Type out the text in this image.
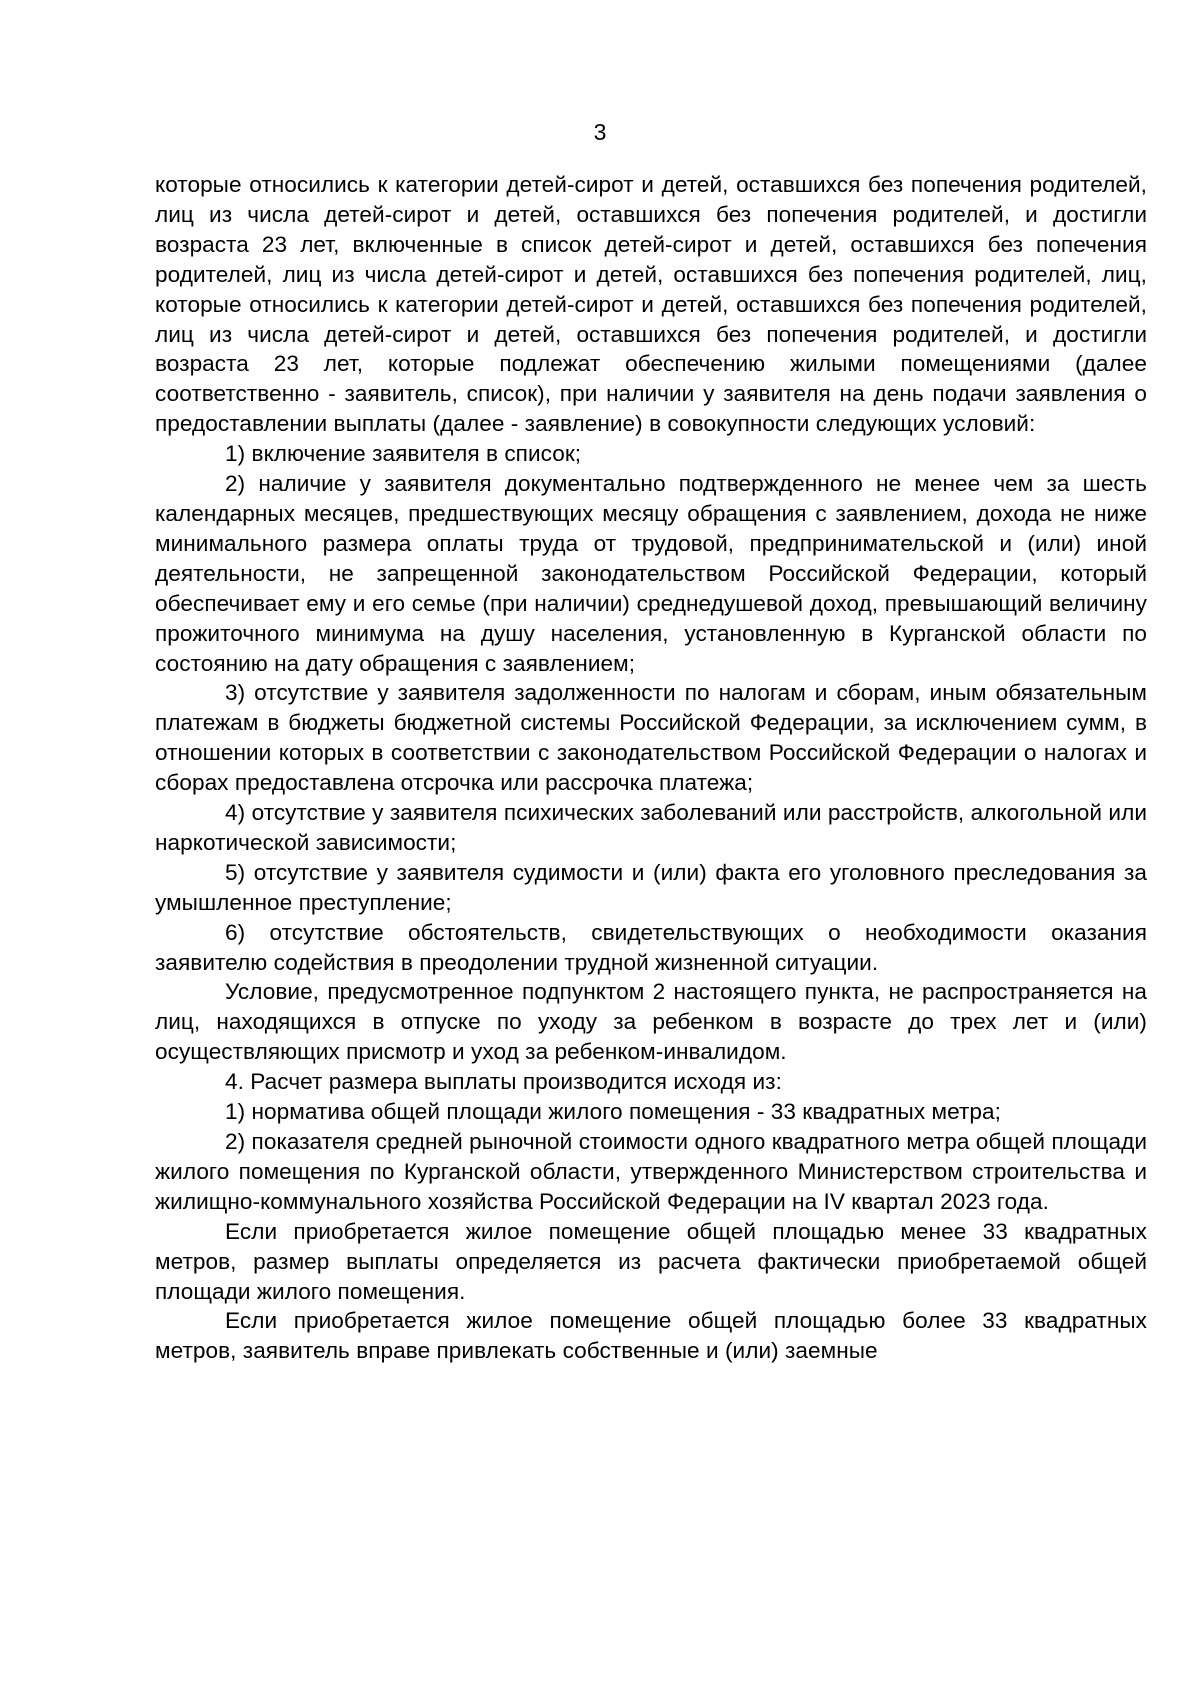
3

которые относились к категории детей-сирот и детей, оставшихся без попечения родителей, лиц из числа детей-сирот и детей, оставшихся без попечения родителей, и достигли возраста 23 лет, включенные в список детей-сирот и детей, оставшихся без попечения родителей, лиц из числа детей-сирот и детей, оставшихся без попечения родителей, лиц, которые относились к категории детей-сирот и детей, оставшихся без попечения родителей, лиц из числа детей-сирот и детей, оставшихся без попечения родителей, и достигли возраста 23 лет, которые подлежат обеспечению жилыми помещениями (далее соответственно - заявитель, список), при наличии у заявителя на день подачи заявления о предоставлении выплаты (далее - заявление) в совокупности следующих условий:

1) включение заявителя в список;

2) наличие у заявителя документально подтвержденного не менее чем за шесть календарных месяцев, предшествующих месяцу обращения с заявлением, дохода не ниже минимального размера оплаты труда от трудовой, предпринимательской и (или) иной деятельности, не запрещенной законодательством Российской Федерации, который обеспечивает ему и его семье (при наличии) среднедушевой доход, превышающий величину прожиточного минимума на душу населения, установленную в Курганской области по состоянию на дату обращения с заявлением;

3) отсутствие у заявителя задолженности по налогам и сборам, иным обязательным платежам в бюджеты бюджетной системы Российской Федерации, за исключением сумм, в отношении которых в соответствии с законодательством Российской Федерации о налогах и сборах предоставлена отсрочка или рассрочка платежа;

4) отсутствие у заявителя психических заболеваний или расстройств, алкогольной или наркотической зависимости;

5) отсутствие у заявителя судимости и (или) факта его уголовного преследования за умышленное преступление;

6) отсутствие обстоятельств, свидетельствующих о необходимости оказания заявителю содействия в преодолении трудной жизненной ситуации.

Условие, предусмотренное подпунктом 2 настоящего пункта, не распространяется на лиц, находящихся в отпуске по уходу за ребенком в возрасте до трех лет и (или) осуществляющих присмотр и уход за ребенком-инвалидом.

4. Расчет размера выплаты производится исходя из:

1) норматива общей площади жилого помещения - 33 квадратных метра;

2) показателя средней рыночной стоимости одного квадратного метра общей площади жилого помещения по Курганской области, утвержденного Министерством строительства и жилищно-коммунального хозяйства Российской Федерации на IV квартал 2023 года.

Если приобретается жилое помещение общей площадью менее 33 квадратных метров, размер выплаты определяется из расчета фактически приобретаемой общей площади жилого помещения.

Если приобретается жилое помещение общей площадью более 33 квадратных метров, заявитель вправе привлекать собственные и (или) заемные
